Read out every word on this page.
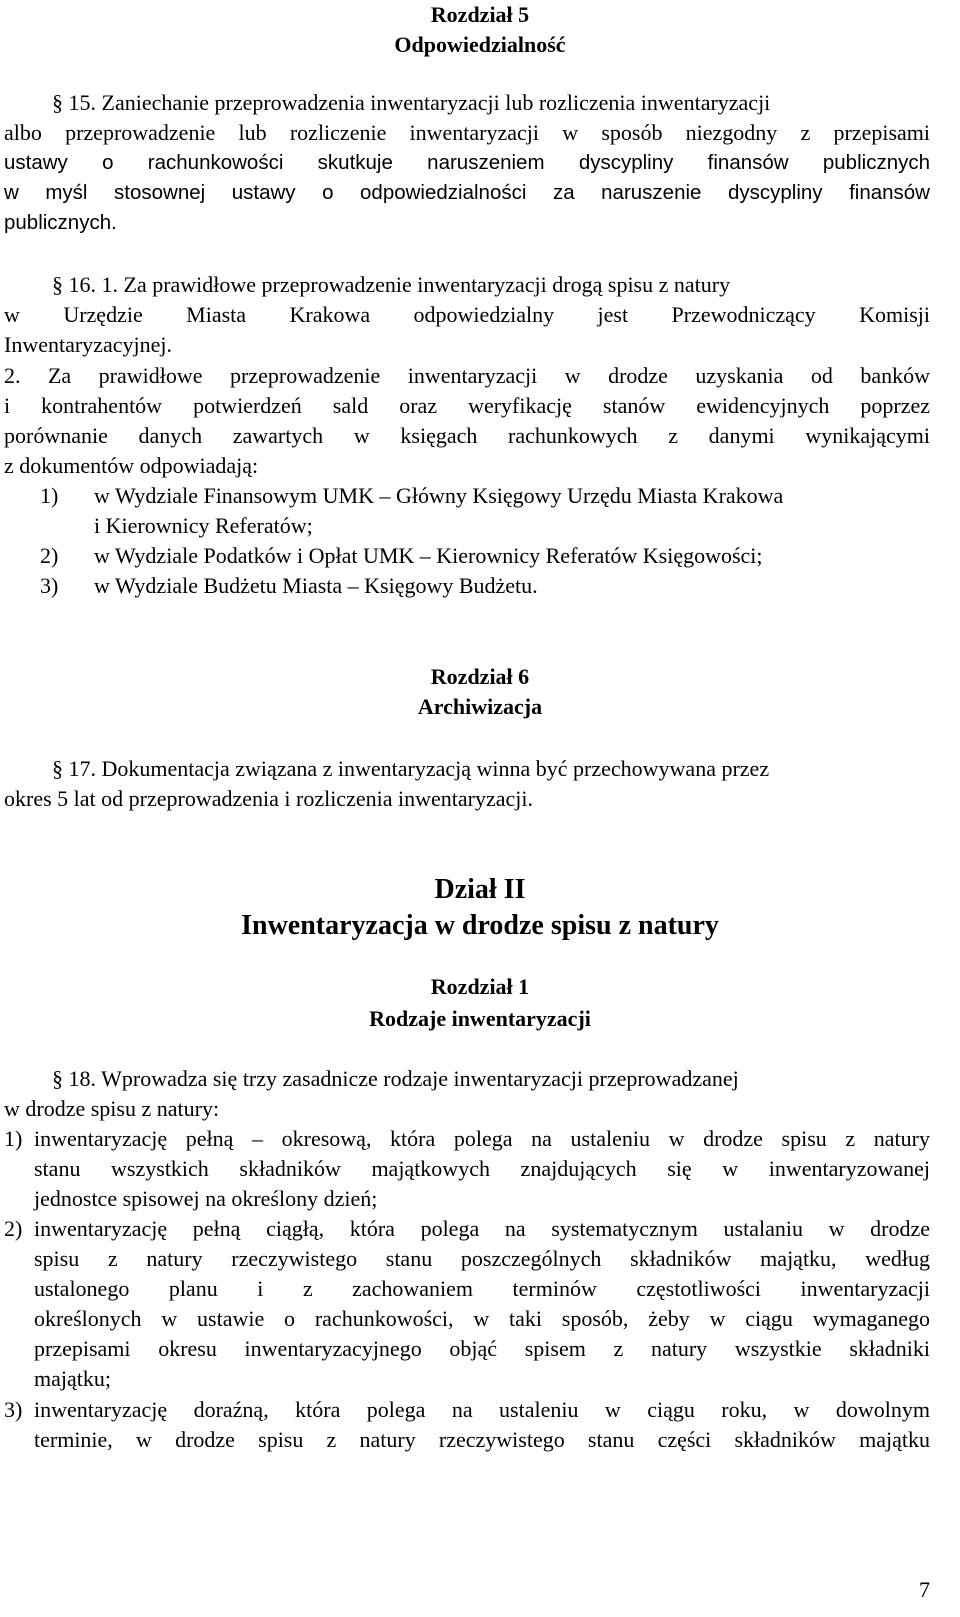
Rozdział 5
Odpowiedzialność
§ 15. Zaniechanie przeprowadzenia inwentaryzacji lub rozliczenia inwentaryzacji
albo przeprowadzenie lub rozliczenie inwentaryzacji w sposób niezgodny z przepisami
ustawy o rachunkowości skutkuje naruszeniem dyscypliny finansów publicznych
w myśl stosownej ustawy o odpowiedzialności za naruszenie dyscypliny finansów
publicznych.
§ 16. 1. Za prawidłowe przeprowadzenie inwentaryzacji drogą spisu z natury
w Urzędzie Miasta Krakowa odpowiedzialny jest Przewodniczący Komisji
Inwentaryzacyjnej.
2. Za prawidłowe przeprowadzenie inwentaryzacji w drodze uzyskania od banków
i kontrahentów potwierdzeń sald oraz weryfikację stanów ewidencyjnych poprzez
porównanie danych zawartych w księgach rachunkowych z danymi wynikającymi
z dokumentów odpowiadają:
1) w Wydziale Finansowym UMK – Główny Księgowy Urzędu Miasta Krakowa
i Kierownicy Referatów;
2) w Wydziale Podatków i Opłat UMK – Kierownicy Referatów Księgowości;
3) w Wydziale Budżetu Miasta – Księgowy Budżetu.
Rozdział 6
Archiwizacja
§ 17. Dokumentacja związana z inwentaryzacją winna być przechowywana przez
okres 5 lat od przeprowadzenia i rozliczenia inwentaryzacji.
Dział II
Inwentaryzacja w drodze spisu z natury
Rozdział 1
Rodzaje inwentaryzacji
§ 18. Wprowadza się trzy zasadnicze rodzaje inwentaryzacji przeprowadzanej
w drodze spisu z natury:
1) inwentaryzację pełną – okresową, która polega na ustaleniu w drodze spisu z natury
stanu wszystkich składników majątkowych znajdujących się w inwentaryzowanej
jednostce spisowej na określony dzień;
2) inwentaryzację pełną ciągłą, która polega na systematycznym ustalaniu w drodze
spisu z natury rzeczywistego stanu poszczególnych składników majątku, według
ustalonego planu i z zachowaniem terminów częstotliwości inwentaryzacji
określonych w ustawie o rachunkowości, w taki sposób, żeby w ciągu wymaganego
przepisami okresu inwentaryzacyjnego objąć spisem z natury wszystkie składniki
majątku;
3) inwentaryzację doraźną, która polega na ustaleniu w ciągu roku, w dowolnym
terminie, w drodze spisu z natury rzeczywistego stanu części składników majątku
7
